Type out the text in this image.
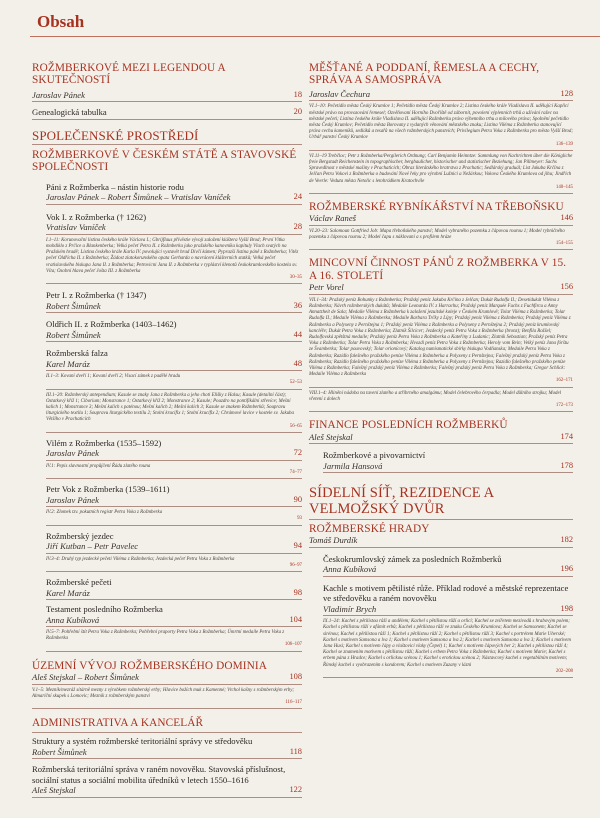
Obsah
ROŽMBERKOVÉ MEZI LEGENDOU A SKUTEČNOSTÍ
Jaroslav Pánek	18
Genealogická tabulka	20
SPOLEČENSKÉ PROSTŘEDÍ
ROŽMBERKOVÉ V ČESKÉM STÁTĚ A STAVOVSKÉ SPOLEČNOSTI
Páni z Rožmberka – nástin historie rodu
Jaroslav Pánek – Robert Šimůnek – Vratislav Vaníček	24
Vok I. z Rožmberka († 1262)
Vratislav Vaníček	28
I.1–11: Korunovační listina českého krále Václava I.; Gbrijflaus přívěstie vývoji založení kláštera Vyšší Brod; První Vítka mohdiklo z Prčice a Blankenberka; Velká pečeť Petra II. z Rožmberka jako pražského kanovníka kapituly Vlach svatých na Pražském hradě; Listina českého krále Karla IV. povolující vystavět hrad Divčí kámen; Pyprazší listina páně z Rožmberka; Vítěz pečeť Oldřicha II. z Rožmberka; Žádost zlatokorunského opata Gerharda o navrácení klášterních statků; Velká pečeť vratislavského biskupa Jana II. z Rožmberka; Petrovicni Jana II. z Rožmberka v rypláství klenotů českokrumlovského kostela sv. Víta; Osobní hlava pečeť Jošta III. z Rožmberka
30–35
Petr I. z Rožmberka († 1347)
Robert Šimůnek	36
Oldřich II. z Rožmberka (1403–1462)
Robert Šimůnek	44
Rožmberská falza
Karel Maráz	48
II.1–3: Kovaní dveří 1; Kovaní dveří 2; Visací zámek z padělé hradu
52–53
III.1–20: Rožmberský antependium; Kasule se znaky Jana z Rožmberka a jeho choti Elišky z Halsu; Kasule (detailní část); Ostatkový kříž 1; Ciborium; Monstrance 1; Ostatkový kříž 2; Monstrance 2; Kasule; Pouzdro na pontifikální střevíce; Mešní kalich 1; Monstrance 3; Mešní kalich s paténou; Mešní kalich 2; Mešní kalich 3; Kasule se znakem Rožmberků; Soupravu liturgického textilu 1; Soupravu liturgického textilu 2; Stolní krucifix 1; Stolní krucifix 2; Chrámové lavice v kostele sv. Jakuba Většího v Prachaticích
56–65
Vilém z Rožmberka (1535–1592)
Jaroslav Pánek	72
IV.1: Pepis slavnostní propůjčení Řádu zlatého rouna
74–77
Petr Vok z Rožmberka (1539–1611)
Jaroslav Pánek	90
IV.2: Zlomek tzv. pokutních registr Petra Voka z Rožmberka
93
Rožmberský jezdec
Jiří Kutban – Petr Pavelec	94
IV.3–4: Druhý typ jezdecké pečeti Viléma z Rožmberka; Jezdecká pečeť Petra Voka z Rožmberka
96–97
Rožmberské pečeti
Karel Maráz	98
Testament posledního Rožmberka
Anna Kubíková	104
IV.5–7: Pohřební štít Petra Voka z Rožmberka; Pohřební praporty Petra Voka z Rožmberka; Úmrtní medaile Petra Voka z Rožmberka
106–107
ÚZEMNÍ VÝVOJ ROŽMBERSKÉHO DOMINIA
Aleš Stejskal – Robert Šimůnek	108
V.1–5: Mezník/mezráž sítárně mezny z výrobkem rožmberský erby; Hlavice božích muk z Kamenné; Vrchol kašny s rožmberským erby; Almariční skupek s Lomovic; Mezník z rožmberským panství
116–117
ADMINISTRATIVA A KANCELÁŘ
Struktury a systém rožmberské teritoriální správy ve středověku
Robert Šimůnek	118
Rožmberská teritoriální správa v raném novověku. Stavovská příslušnost, sociální status a sociální mobilita úředníků v letech 1550–1616
Aleš Stejskal	122
MĚŠŤANÉ A PODDANÍ, ŘEMESLA A CECHY, SPRÁVA A SAMOSPRÁVA
Jaroslav Čechura	128
VI.1–10: Pečetidlo města Český Krumlov 1; Pečetidlo města Český Krumlov 2; Listina českého krále Vladislava II. udělující Kaplici městské právo na provozování řemesel; Ozvěňovaní Horního Dvořiště od zábornít, povolení výplenních trhů a užívání ražec na městské pečeti; Listina českého krále Vladislava II. udělující Rožmberku právo výhenního trhu a mílového práva; Spolnění pečetidlo města Český Krumlov; Pečetidlo města Borovany z vydaných věnování městského znaku; Listina Viléma z Rožmberka stanovující práva cechu kameníků, sedláků a tesařů na všech rožmberských panstvích; Privilegium Petra Voka z Rožmberka pro město Vyšší Brod; Urbář panství Český Krumlov
136–139
VI.11–19 Trebčloc; Petr z Rožmberka/Pergilerich Ordnung; Carl Benjamin Heinntze: Sammlung von Nachrichten über die Königliche freie Bergstadt Reichenstein in topographischer, bergbaulicher, historischer und statistischer Beziehung; Jan Pillmeyer: Sachs Spravedlnost v městské mašiny v Prachaticích; Obraz literátského bratrstva z Prachatic; Sedlárský graduál; List Jakuba Krčína z Jelčan Petru Vokovi z Rožmberka o budování Nové řeky pro výrobní Lužnici a Nežárkou; Vokova Českého Krumlova od jihu; Jindřich de Veerle: Veduta města Netolic s letohrádkem Kratochvíle
140–145
ROŽMBERSKÉ RYBNÍKÁŘSTVÍ NA TŘEBOŇSKU
Václav Raneš	146
VI.20–23: Salomoun Gottfried Job: Mapa třeboňského panství; Model vybraného pozemku z čápovou rourou 1; Model rybničného pozemku z čápovou rourou 2; Model čapu s náklovaní a s profilem hráze
154–155
MINCOVNÍ ČINNOST PÁNŮ Z ROŽMBERKA V 15. A 16. STOLETÍ
Petr Vorel	156
VII.1–34: Pražský peníz Bohunky z Rožmberka; Pražský peníz Jakuba Krčína z Jelčan; Dukát Rudolfa II.; Desetidukát Viléma z Rožmberka; Návrh rožmberských dukátů; Medaile Leonarda IV. z Harrachu; Pražský peníz Marquée Fuchs z Fuchfircu a Anny Annatzheit de Sala; Medaile Viléma z Rožmberka k založení jezuitské koleje v Českém Krumlově; Tolar Viléma z Rožmberka; Tolar Rudolfa II.; Medaile Viléma z Rožmberka; Medaile Barbara Trčky z Lípy; Pražský peníz Viléma z Rožmberka; Pražský peníz Viléma z Rožmberka a Polyxeny z Pernštejna 1; Pražský peníz Viléma z Rožmberka a Polyxeny z Pernštejna 2; Pražský peníz krumlovský kancléře; Dukát Petra Voka z Rožmberka; Zlatník Šilcicer; Jezdecký peníz Petra Voka z Rožmberka (bronz); Benfila Rožšel; Rudolfovská zpětštná medaile; Pražský peníz Petra Voka z Rožmberka a Kateřiny z Ludanic; Zlatník Sebastian; Pražský peníz Petra Voka z Rožmberka; Tolar Petra Voka z Rožmberka; Hvozdi peníz Petra Voka z Rožmberka; Heroly vom Rein; Velký peníz Jana fórštu ze Švamberka; Tolar pouvovský; Tolar orionícový; Katalog numismatické sbírky biskupa Vodňanska; Medaile Petra Voka z Rožmberka; Razidlo falešného pražského peníze Viléma z Rožmberka a Polyxeny z Pernštejna; Falešný pražský peníz Petra Voka z Rožmberka; Razidlo falešného pražského peníze Viléma z Rožmberka a Polyxeny z Pernštejna; Razidlo falešného pražského peníze Viléma z Rožmberka; Falešný pražský peníz Viléma z Rožmberka; Falešný pražský peníz Petra Voka z Rožmberka; Gregor Schlick: Medaile Viléma z Rožmberka
162–171
VIII.1–4: Hlinění nádoba na tavení zlatého a stříbrného amalgámu; Model čelebrového čerpadla; Model důlního strojku; Model vřetení z dolech
172–173
FINANCE POSLEDNÍCH ROŽMBERKŮ
Aleš Stejskal	174
Rožmberkové a pivovarnictví
Jarmila Hansová	178
SÍDELNÍ SÍŤ, REZIDENCE A VELMOŽSKÝ DVŮR
ROŽMBERSKÉ HRADY
Tomáš Durdík	182
Českokrumlovský zámek za posledních Rožmberků
Anna Kubíková	196
Kachle s motivem pětilisté růže. Příklad rodové a městské reprezentace ve středověku a raném novověku
Vladimír Brych	198
IX.1–24: Kachel s pětilistou růží a andělem; Kachel s pětilistou růží a orlicí; Kachel se zvířetem mezivodů s hrabovým polem; Kachel s pětilistou růží v afámit erbů; Kachel s pětilistou růží ve znaku Českého Krumlova; Kachel se Samsonem; Kachel se sirénou; Kachel s pětilistou růží 1; Kachel s pětilistou růží 2; Kachel s pětilistou růží 3; Kachel s portrétem Marie Uherské; Kachel s motivem Samsona a lva 1; Kachel s motivem Samsona a lva 2; Kachel s motivem Samsona a lva 3; Kachel s motivem Jana Husi; Kachel s motivem čápy a vlaštovicí vlaky (Čepel) 1; Kachel s motivem čápových her 2; Kachel s pětilistou růží 4; Kachel se znamením motivem s pětilistou růží; Kachel s erbem Petra Voka z Rožmberka; Kachel s motivem Marie; Kachel s erbem pána z Hradce; Kachel s orlickou scénou 1; Kachel s erotickou scénou 2; Nástavcový kachel s vegetabilním motivem; Římský kachel s vyobrazením s kondorem; Kachel s motivem Zuzany v lázni
202–208
